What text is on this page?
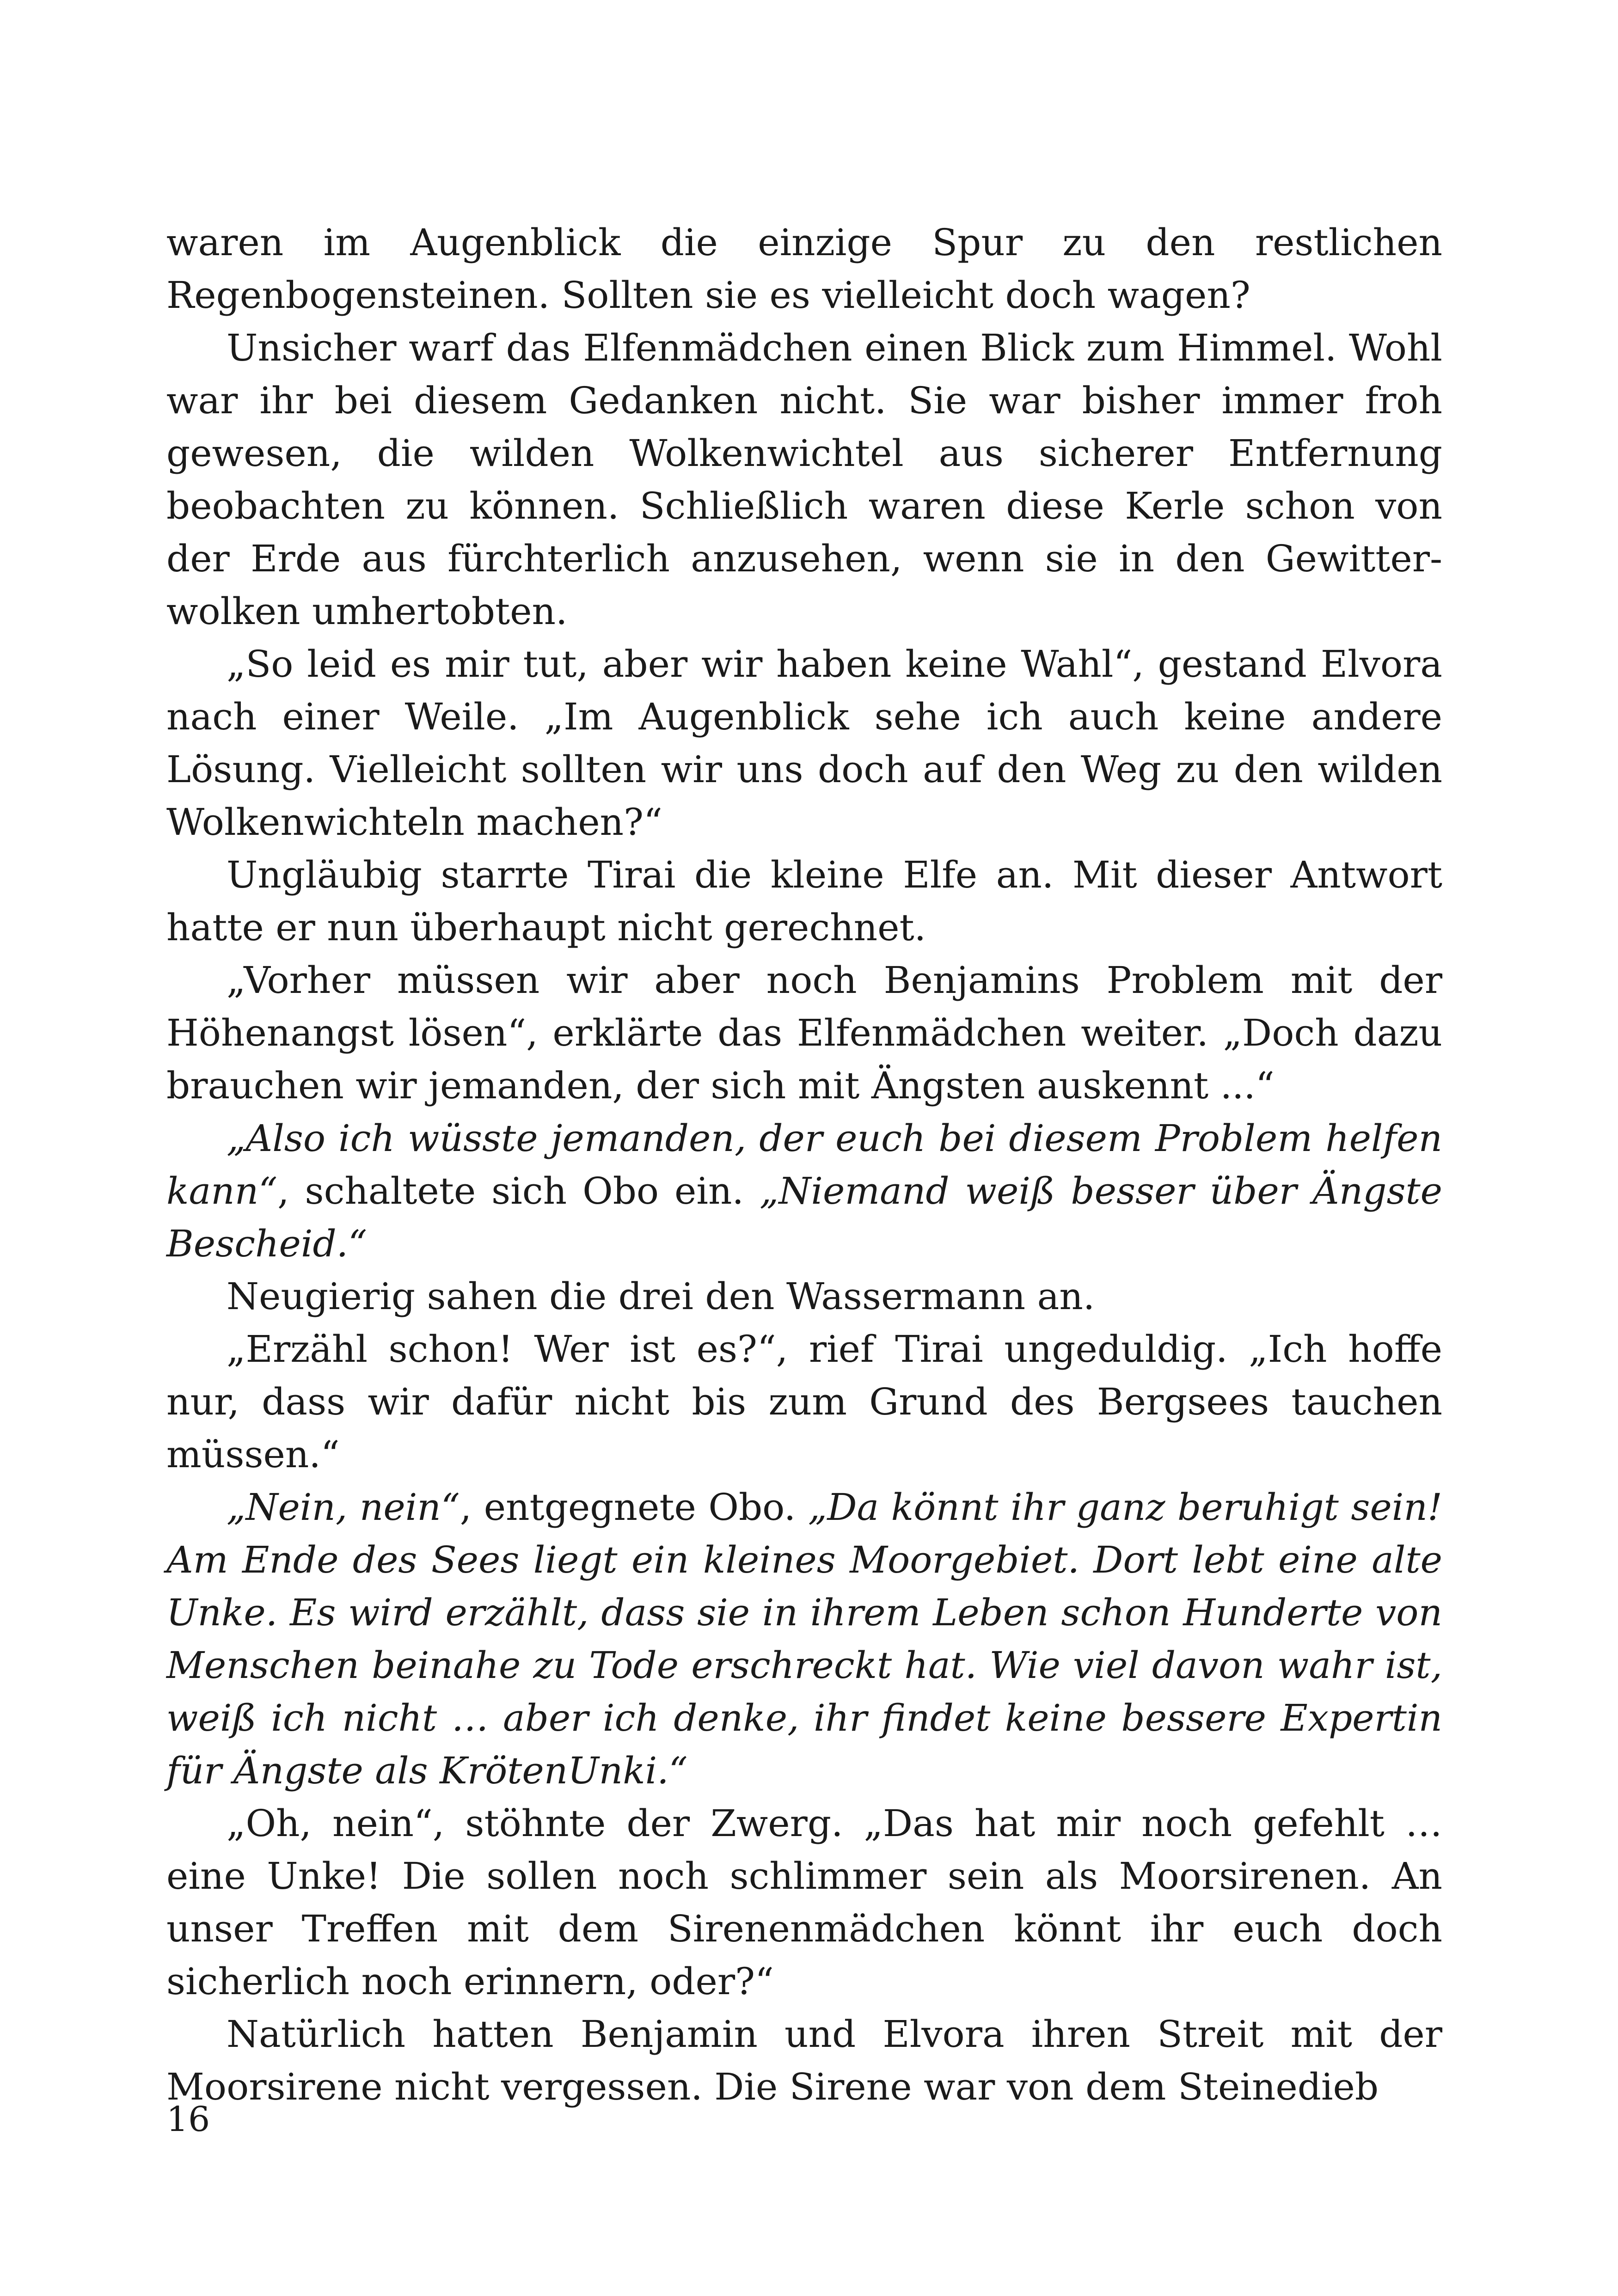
waren im Augenblick die einzige Spur zu den restlichen Regenbogensteinen. Sollten sie es vielleicht doch wagen?

Unsicher warf das Elfenmädchen einen Blick zum Himmel. Wohl war ihr bei diesem Gedanken nicht. Sie war bisher immer froh gewesen, die wilden Wolkenwichtel aus sicherer Entfernung beobachten zu können. Schließlich waren diese Kerle schon von der Erde aus fürchterlich anzusehen, wenn sie in den Gewitterwolken umhertobten.

„So leid es mir tut, aber wir haben keine Wahl“, gestand Elvora nach einer Weile. „Im Augenblick sehe ich auch keine andere Lösung. Vielleicht sollten wir uns doch auf den Weg zu den wilden Wolkenwichteln machen?“

Ungläubig starrte Tirai die kleine Elfe an. Mit dieser Antwort hatte er nun überhaupt nicht gerechnet.

„Vorher müssen wir aber noch Benjamins Problem mit der Höhenangst lösen“, erklärte das Elfenmädchen weiter. „Doch dazu brauchen wir jemanden, der sich mit Ängsten auskennt ...“

„Also ich wüsste jemanden, der euch bei diesem Problem helfen kann“, schaltete sich Obo ein. „Niemand weiß besser über Ängste Bescheid.“

Neugierig sahen die drei den Wassermann an.

„Erzähl schon! Wer ist es?“, rief Tirai ungeduldig. „Ich hoffe nur, dass wir dafür nicht bis zum Grund des Bergsees tauchen müssen.“

„Nein, nein“, entgegnete Obo. „Da könnt ihr ganz beruhigt sein! Am Ende des Sees liegt ein kleines Moorgebiet. Dort lebt eine alte Unke. Es wird erzählt, dass sie in ihrem Leben schon Hunderte von Menschen beinahe zu Tode erschreckt hat. Wie viel davon wahr ist, weiß ich nicht … aber ich denke, ihr findet keine bessere Expertin für Ängste als KrötenUnki.“

„Oh, nein“, stöhnte der Zwerg. „Das hat mir noch gefehlt … eine Unke! Die sollen noch schlimmer sein als Moorsirenen. An unser Treffen mit dem Sirenenmädchen könnt ihr euch doch sicherlich noch erinnern, oder?“

Natürlich hatten Benjamin und Elvora ihren Streit mit der Moorsirene nicht vergessen. Die Sirene war von dem Steinedieb

16
